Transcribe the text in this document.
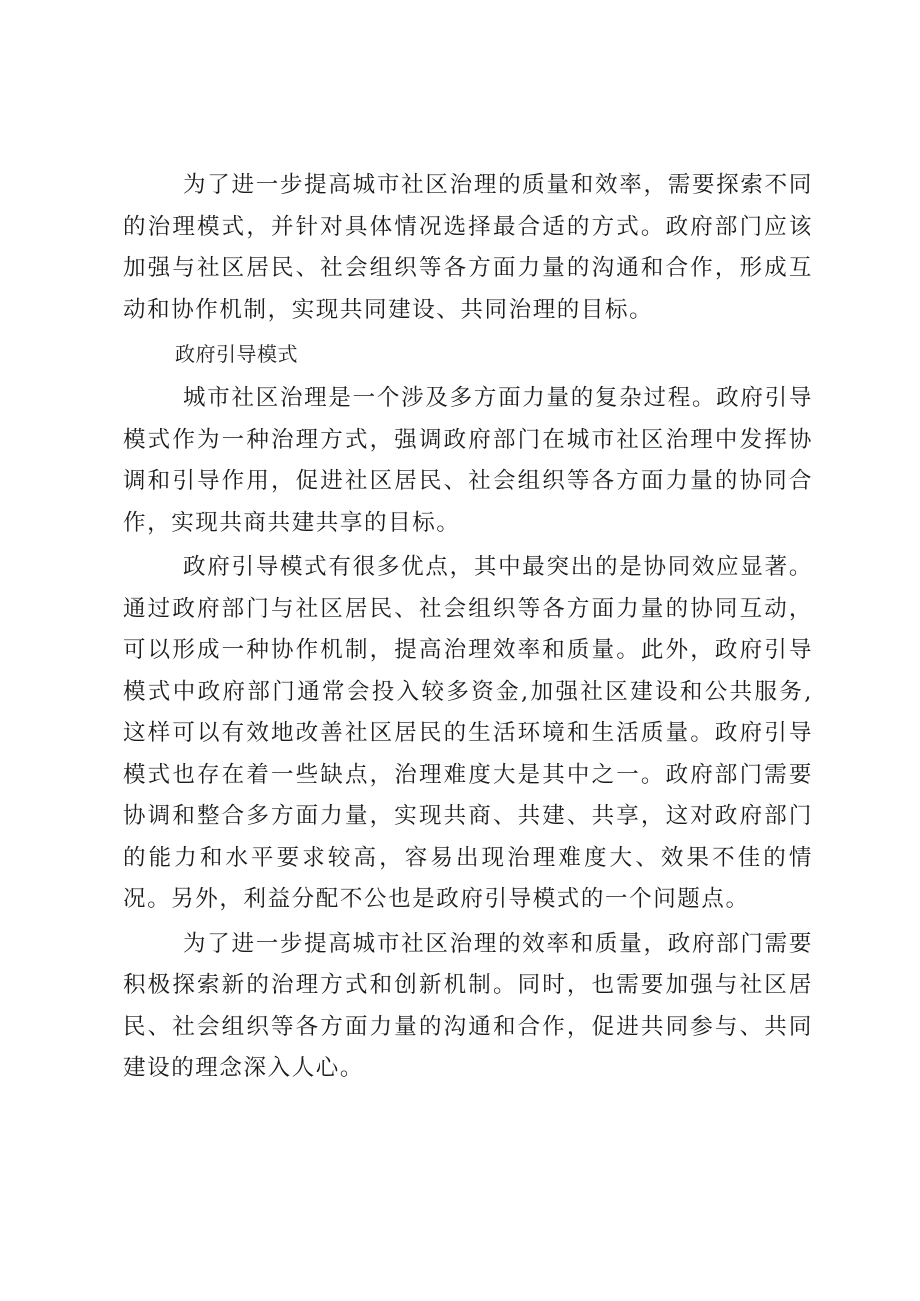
为了进一步提高城市社区治理的质量和效率，需要探索不同的治理模式，并针对具体情况选择最合适的方式。政府部门应该加强与社区居民、社会组织等各方面力量的沟通和合作，形成互动和协作机制，实现共同建设、共同治理的目标。

政府引导模式

城市社区治理是一个涉及多方面力量的复杂过程。政府引导模式作为一种治理方式，强调政府部门在城市社区治理中发挥协调和引导作用，促进社区居民、社会组织等各方面力量的协同合作，实现共商共建共享的目标。

政府引导模式有很多优点，其中最突出的是协同效应显著。通过政府部门与社区居民、社会组织等各方面力量的协同互动，可以形成一种协作机制，提高治理效率和质量。此外，政府引导模式中政府部门通常会投入较多资金,加强社区建设和公共服务,这样可以有效地改善社区居民的生活环境和生活质量。政府引导模式也存在着一些缺点，治理难度大是其中之一。政府部门需要协调和整合多方面力量，实现共商、共建、共享，这对政府部门的能力和水平要求较高，容易出现治理难度大、效果不佳的情况。另外，利益分配不公也是政府引导模式的一个问题点。

为了进一步提高城市社区治理的效率和质量，政府部门需要积极探索新的治理方式和创新机制。同时，也需要加强与社区居民、社会组织等各方面力量的沟通和合作，促进共同参与、共同建设的理念深入人心。
